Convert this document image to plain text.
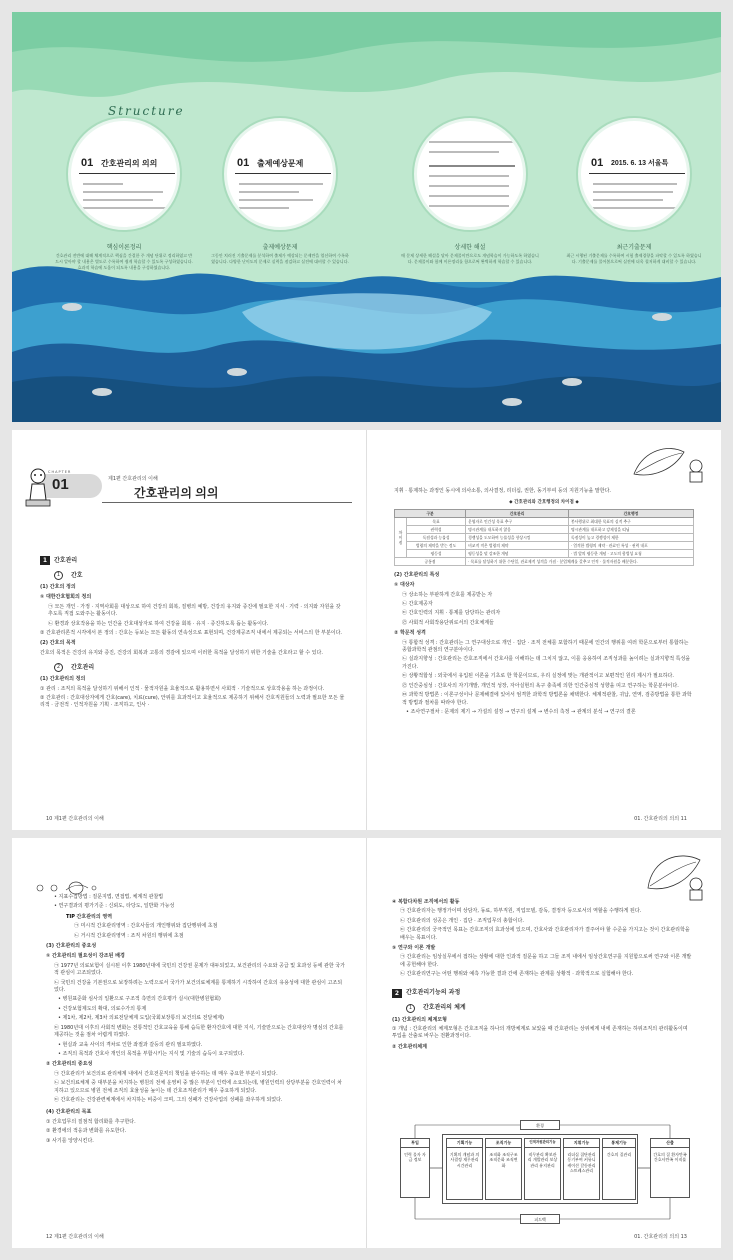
Structure
01 간호관리의 의의	01 출제예상문제	01 2015. 6. 13 서울특
핵심이론정리
간호관리 전반에 대해 체계적으로 핵심을 간결한 주 개념 단위로 정리하였고 반드시 알아야 할 내용은 별도로 수록하여 쉽게 학습할 수 있도록 구성하였습니다. 효과적 학습에 도움이 되도록 내용을 구성하였습니다.
출제예상문제
그동안 치러진 기출문제를 분석하여 출제가 예상되는 문제만을 엄선하여 수록하였습니다. 다양한 난이도의 문제로 실력을 점검하고 실전에 대비할 수 있습니다.
상세한 해설
매 문제 상세한 해설을 달아 문제풀이만으로도 개념학습이 가능하도록 하였습니다. 문제풀이와 함께 이론정리를 함으로써 완벽하게 학습할 수 있습니다.
최근기출문제
최근 시행된 기출문제를 수록하여 시험 출제경향을 파악할 수 있도록 하였습니다. 기출문제를 풀어봄으로써 실전에 더욱 철저하게 대비할 수 있습니다.
CHAPTER
01	제1편 간호관리의 이해
간호관리의 의의
1	간호관리
1	간호

(1) 간호의 정의

① 대한간호협회의 정의

㉠ 모든 개인 · 가정 · 지역사회를 대상으로 하여 건강의 회복, 질병의 예방, 건강의 유지와 증진에 필요한 지식 · 기력 · 의지와 자원을 갖추도록 직접 도와주는 활동이다.

㉡ 환경과 상호작용을 하는 인간을 간호대상자로 하여 건강을 회복 · 유지 · 증진하도록 돕는 활동이다.

② 간호관리론적 시각에서 본 정의 : 간호는 등보는 모든 활동의 연속성으로 표현되며, 건강제공조직 내에서 제공되는 서비스의 한 부분이다.

(2) 간호의 목적

간호의 목적은 건강의 유지와 증진, 건강의 회복과 고통의 경감에 있으며 이러한 목적을 달성하기 위한 기술을 간호라고 할 수 있다.

2	간호관리

(1) 간호관리의 정의

① 관리 : 조직의 목적을 달성하기 위해서 인적 · 물적자원을 효율적으로 활용하면서 사회적 · 기술적으로 상호작용을 하는 과정이다.

② 간호관리 : 간호대상자에게 간호(care), 치료(cure), 안위를 효과적이고 효율적으로 제공하기 위해서 간호직원들의 노력과 필요한 모든 물리적 · 금전적 · 인적자원을 기획 · 조직하고, 인사 ·

10 제1편 간호관리의 이해

지휘 · 통제하는 과정인 동시에 의사소통, 의사결정, 리더십, 권한, 동기부여 등의 지원기능을 말한다.

◆ 간호관리와 간호행정의 차이점 ◆

구분		간호관리	간호행정
차이점	목표	운영자로 인간성 목표 추구	봉사행위로 최대한 목표의 실적 추구
	권력성	명시관계를 내포하지 않음	명시관계를 내포하고 강제성을 띠님
	독점성과 능률성	경쟁성을 도모하여 능률성을 향상시킴	독점성이 높고 경쟁성이 제한
	법령의 제약을 받는 정도	비교적 적은 법령의 제약	· 엄격한 법령의 제약 · 관료인 특성 · 권력 내포
	평등성	평등성을 덜 강조한 개념	· 법 앞의 평등한 개념 · 고도의 합법성 요청
공통점		· 목표를 달성하기 위한 수단일, 관료제적 성격을 가짐 · 분업체계를 갖추고 인적 · 물적자원을 배분한다.	

(2) 간호관리의 특성

① 대상자

㉠ 상소하는 부판하게 간호를 제공받는 자

㉡ 간호제공자

㉢ 간호인력의 지휘 · 통제를 담당하는 관리자

㉣ 사회적 사회작용단위로서의 간호체계들

② 학문적 성격

㉠ 통합적 성격 : 간호관리는 그 연구대상으로 개인 · 집단 · 조직 전체를 포함하기 때문에 인간의 행위를 여러 학문으로부터 통합하는 종합과학적 관점의 연구분야이다.

㉡ 실과지향성 : 간호관리는 간호조직에서 간호사를 이해하는 데 그치지 않고, 이를 응용하여 조직성과를 높이려는 실과지향적 특성을 가진다.

㉢ 상황적합성 : 외국에서 유입된 이론을 기초로 한 학문이므로, 우리 실정에 맞는 개관적이고 보편적인 원리 제시가 필요하다.

㉣ 인간중심성 : 간호사의 자기개발, 개인적 성장, 자아실현의 욕구 충족에 의한 인간중심적 성향을 띠고 연구하는 학문분야이다.

㉤ 과학적 방법론 : 이론구성이나 문제해결에 있어서 엄격한 과학적 방법론을 채택한다. 체계적관찰, 귀납, 연역, 검증방법을 통한 과학적 방법과 절차를 따라야 한다.

• 조사연구절차 : 문제의 제기 → 가설의 설정 → 연구의 설계 → 변수의 측정 → 관계의 분석 → 연구의 결론

01. 간호관리의 의의 11

• 지표수집방법 : 질문지법, 면접법, 체계적 관찰법

• 연구결과의 평가기준 : 신뢰도, 타당도, 일반화 가능성

TIP 간호관리의 영역

㉠ 미시적 간호관리영역 : 간호사들의 개인행위와 집단행위에 초점

㉡ 거시적 간호관리영역 : 조직 차원의 행위에 초점

(3) 간호관리의 중요성

① 간호관리의 필요성이 강조된 배경

㉠ 1977년 의료보험이 실시된 이후 1980년대에 국민의 건강권 문제가 대두되었고, 보건관리의 수요와 공급 및 효과성 등에 관한 국가적 관심이 고조되었다.

㉡ 국민의 건강을 기본권으로 보장하려는 노력으로서 국가가 보건의료체계를 통제하기 시작하여 간호의 유용성에 대한 관심이 고조되었다.

• 병원표준화 심사의 일환으로 구조적 측면의 간호평가 실시(대한병원협회)

• 건강보험제도의 확대, 의료수가의 통제

• 제1차, 제2차, 제3차 의료전달체계 도입(국회보장통의 보건의료 전달체계)

㉢ 1980년대 이후의 사회적 변화는 전통적인 간호교육을 통해 습득한 환자간호에 대한 지식, 기술만으로는 간호대상자 명심의 간호를 제공하는 것을 점차 어렵게 하였다.

• 현실과 교육 사이의 격차로 인한 좌절과 갈등의 관리 필요하였다.

• 조직의 목적과 간호사 개인의 목적을 부합시키는 지식 및 기술의 습득이 요구되었다.

② 간호관리의 중요성

㉠ 간호관리가 보건의료 관리체계 내에서 간호전문직의 책임을 완수하는 데 매우 중요한 부분이 되었다.

㉡ 보건의료체계 중 대부분을 차지하는 병원의 전체 운영비 중 많은 부분이 인력에 소요되는데, 병원인력의 상당부분을 간호인력이 차지하고 있으므로 병원 전체 조직의 효율성을 높이는 데 간호조직관리가 매우 중요하게 되었다.

㉢ 간호관리는 건강관련체계에서 차지하는 비중이 크며, 그의 성패가 건강사업의 성패를 좌우하게 되었다.

(4) 간호관리의 목표

① 간호업무의 질점적 합리화를 추구한다.

② 환경에의 적응과 변화를 유도한다.

③ 사기를 앙양시킨다.

12 제1편 간호관리의 이해

④ 복합다차원 조직에서의 활동

㉠ 간호관리자는 행정가이며 상담자, 동료, 하부직원, 직업모델, 감독, 결정자 등으로서의 역할을 수행하게 된다.

㉡ 간호관리의 성공은 개인 · 집단 · 조직업무의 총합이다.

㉢ 간호관리의 궁극적인 목표는 간호조직의 효과성에 있으며, 간호사와 간호관리자가 결주어야 할 수준을 가지고는 것이 간호관리학을 배우는 목표이다.

⑤ 연구와 이론 개발

㉠ 간호관리는 임상실무에서 접하는 상황에 대한 인과적 질문을 하고 그들 조직 내에서 임상간호연구를 지원함으로써 연구와 이론 개발에 공헌해야 한다.

㉡ 간호관리연구는 어떤 행위와 예측 가능한 결과 간에 존재하는 관계를 상황적 · 과학적으로 실험해야 한다.

2	간호관리기능의 과정
1	간호관리의 체계

(1) 간호관리의 체계모형

① 개념 : 간호관리의 체계모형은 간호조직을 하나의 개방체계로 보았을 때 간호관리는 상위체계 내에 존재하는 하위조직의 관리활동이며 투입을 산출로 바꾸는 전환과정이다.

② 간호관리체계

환경
피드백
투입
인력 물자 자금 정보
기획기능
기획의 개념과 의사결정 재무관리 시간관리
조직기능
조직화 조직구조 조직문화 조직변화
인적자원관리기능
직무관리 확보관리 개발관리 보상관리 유지관리
지휘기능
리더십 집단관리 동기부여 커뮤니케이션 갈등관리 스트레스관리
통제기능
간호의 질관리
산출
간호의 질 환자만족 간호사만족 이직률
01. 간호관리의 의의 13
